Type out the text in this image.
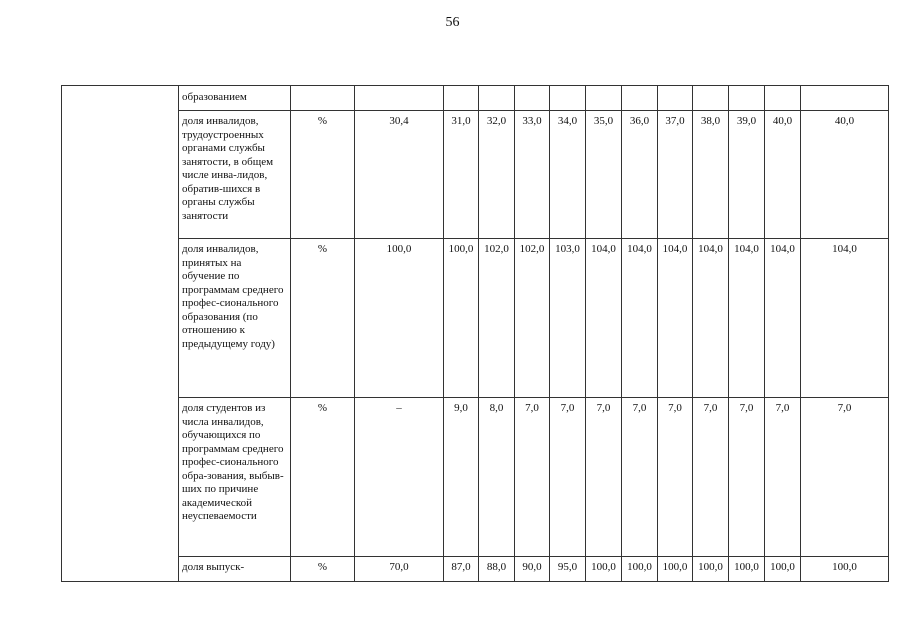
56
	образованием													
	доля инвалидов, трудоустроенных органами службы занятости, в общем числе инва-лидов, обратив-шихся в органы службы занятости	%	30,4	31,0	32,0	33,0	34,0	35,0	36,0	37,0	38,0	39,0	40,0	40,0
	доля инвалидов, принятых на обучение по программам среднего профес-сионального образования (по отношению к предыдущему году)	%	100,0	100,0	102,0	102,0	103,0	104,0	104,0	104,0	104,0	104,0	104,0	104,0
	доля студентов из числа инвалидов, обучающихся по программам среднего профес-сионального обра-зования, выбыв-ших по причине академической неуспеваемости	%	–	9,0	8,0	7,0	7,0	7,0	7,0	7,0	7,0	7,0	7,0	7,0
	доля выпуск-	%	70,0	87,0	88,0	90,0	95,0	100,0	100,0	100,0	100,0	100,0	100,0	100,0
